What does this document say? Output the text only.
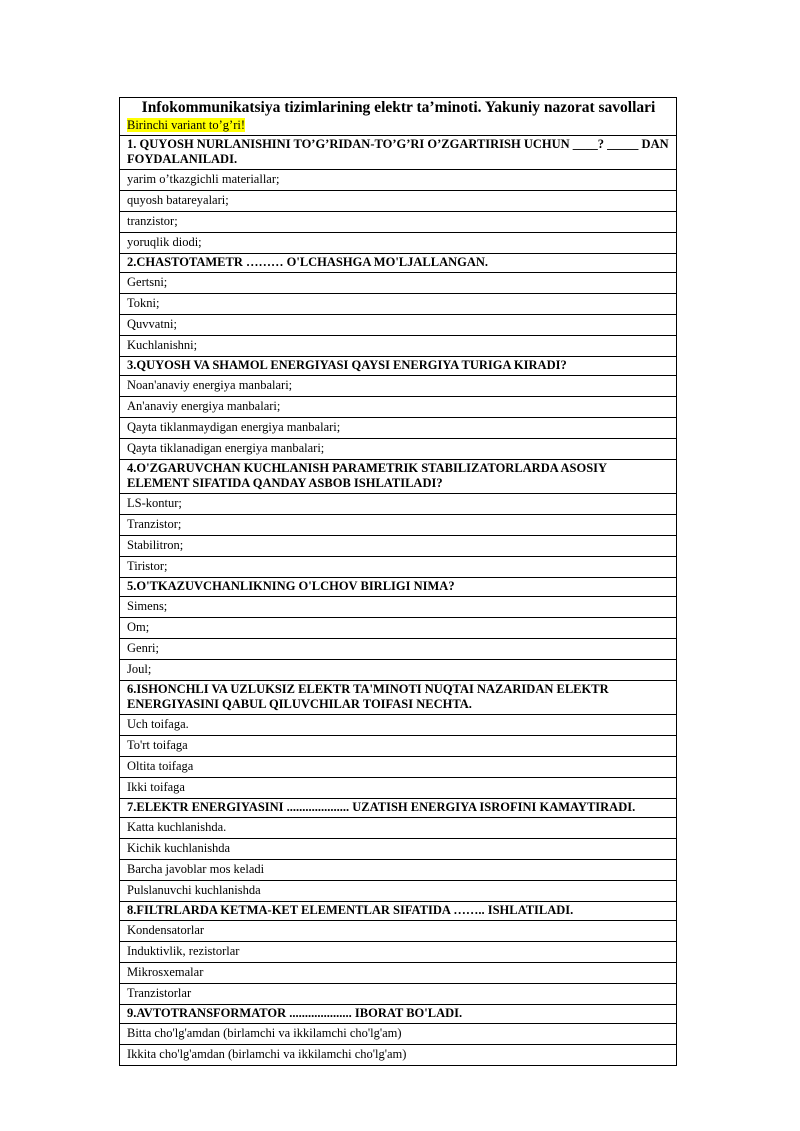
Infokommunikatsiya tizimlarining elektr ta’minoti. Yakuniy nazorat savollari
Birinchi variant to’g’ri!
1. QUYOSH NURLANISHINI TO’G’RIDAN-TO’G’RI O’ZGARTIRISH UCHUN ____? _____ DAN FOYDALANILADI.
yarim o’tkazgichli materiallar;
quyosh batareyalari;
tranzistor;
yoruqlik diodi;
2.CHASTOTAMETR ……… O'LCHASHGA MO'LJALLANGAN.
Gertsni;
Tokni;
Quvvatni;
Kuchlanishni;
3.QUYOSH VA SHAMOL ENERGIYASI QAYSI ENERGIYA TURIGA KIRADI?
Noan'anaviy energiya manbalari;
An'anaviy energiya manbalari;
Qayta tiklanmaydigan energiya manbalari;
Qayta tiklanadigan energiya manbalari;
4.O'ZGARUVCHAN KUCHLANISH PARAMETRIK STABILIZATORLARDA ASOSIY ELEMENT SIFATIDA QANDAY ASBOB ISHLATILADI?
LS-kontur;
Tranzistor;
Stabilitron;
Tiristor;
5.O'TKAZUVCHANLIKNING O'LCHOV BIRLIGI NIMA?
Simens;
Om;
Genri;
Joul;
6.ISHONCHLI VA UZLUKSIZ ELEKTR TA'MINOTI NUQTAI NAZARIDAN ELEKTR ENERGIYASINI QABUL QILUVCHILAR TOIFASI NECHTA.
Uch toifaga.
To'rt toifaga
Oltita toifaga
Ikki toifaga
7.ELEKTR ENERGIYASINI .................... UZATISH ENERGIYA ISROFINI KAMAYTIRADI.
Katta kuchlanishda.
Kichik kuchlanishda
Barcha javoblar mos keladi
Pulslanuvchi kuchlanishda
8.FILTRLARDA KETMA-KET ELEMENTLAR SIFATIDA …….. ISHLATILADI.
Kondensatorlar
Induktivlik, rezistorlar
Mikrosxemalar
Tranzistorlar
9.AVTOTRANSFORMATOR .................... IBORAT BO'LADI.
Bitta cho'lg'amdan (birlamchi va ikkilamchi cho'lg'am)
Ikkita cho'lg'amdan (birlamchi va ikkilamchi cho'lg'am)
